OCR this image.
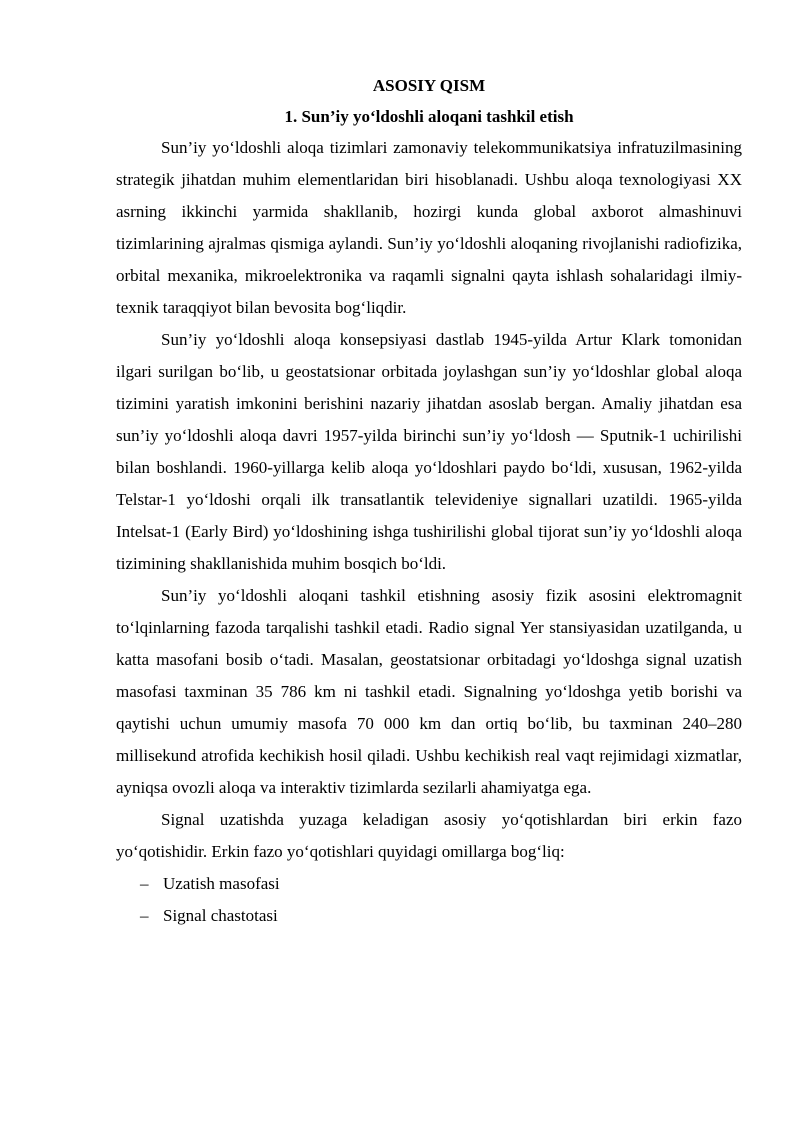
ASOSIY QISM
1. Sun’iy yo‘ldoshli aloqani tashkil etish

Sun’iy yo‘ldoshli aloqa tizimlari zamonaviy telekommunikatsiya infratuzilmasining strategik jihatdan muhim elementlaridan biri hisoblanadi. Ushbu aloqa texnologiyasi XX asrning ikkinchi yarmida shakllanib, hozirgi kunda global axborot almashinuvi tizimlarining ajralmas qismiga aylandi. Sun’iy yo‘ldoshli aloqaning rivojlanishi radiofizika, orbital mexanika, mikroelektronika va raqamli signalni qayta ishlash sohalaridagi ilmiy-texnik taraqqiyot bilan bevosita bog‘liqdir.

Sun’iy yo‘ldoshli aloqa konsepsiyasi dastlab 1945-yilda Artur Klark tomonidan ilgari surilgan bo‘lib, u geostatsionar orbitada joylashgan sun’iy yo‘ldoshlar global aloqa tizimini yaratish imkonini berishini nazariy jihatdan asoslab bergan. Amaliy jihatdan esa sun’iy yo‘ldoshli aloqa davri 1957-yilda birinchi sun’iy yo‘ldosh — Sputnik-1 uchirilishi bilan boshlandi. 1960-yillarga kelib aloqa yo‘ldoshlari paydo bo‘ldi, xususan, 1962-yilda Telstar-1 yo‘ldoshi orqali ilk transatlantik televideniye signallari uzatildi. 1965-yilda Intelsat-1 (Early Bird) yo‘ldoshining ishga tushirilishi global tijorat sun’iy yo‘ldoshli aloqa tizimining shakllanishida muhim bosqich bo‘ldi.

Sun’iy yo‘ldoshli aloqani tashkil etishning asosiy fizik asosini elektromagnit to‘lqinlarning fazoda tarqalishi tashkil etadi. Radio signal Yer stansiyasidan uzatilganda, u katta masofani bosib o‘tadi. Masalan, geostatsionar orbitadagi yo‘ldoshga signal uzatish masofasi taxminan 35 786 km ni tashkil etadi. Signalning yo‘ldoshga yetib borishi va qaytishi uchun umumiy masofa 70 000 km dan ortiq bo‘lib, bu taxminan 240–280 millisekund atrofida kechikish hosil qiladi. Ushbu kechikish real vaqt rejimidagi xizmatlar, ayniqsa ovozli aloqa va interaktiv tizimlarda sezilarli ahamiyatga ega.

Signal uzatishda yuzaga keladigan asosiy yo‘qotishlardan biri erkin fazo yo‘qotishidir. Erkin fazo yo‘qotishlari quyidagi omillarga bog‘liq:

– Uzatish masofasi
– Signal chastotasi
